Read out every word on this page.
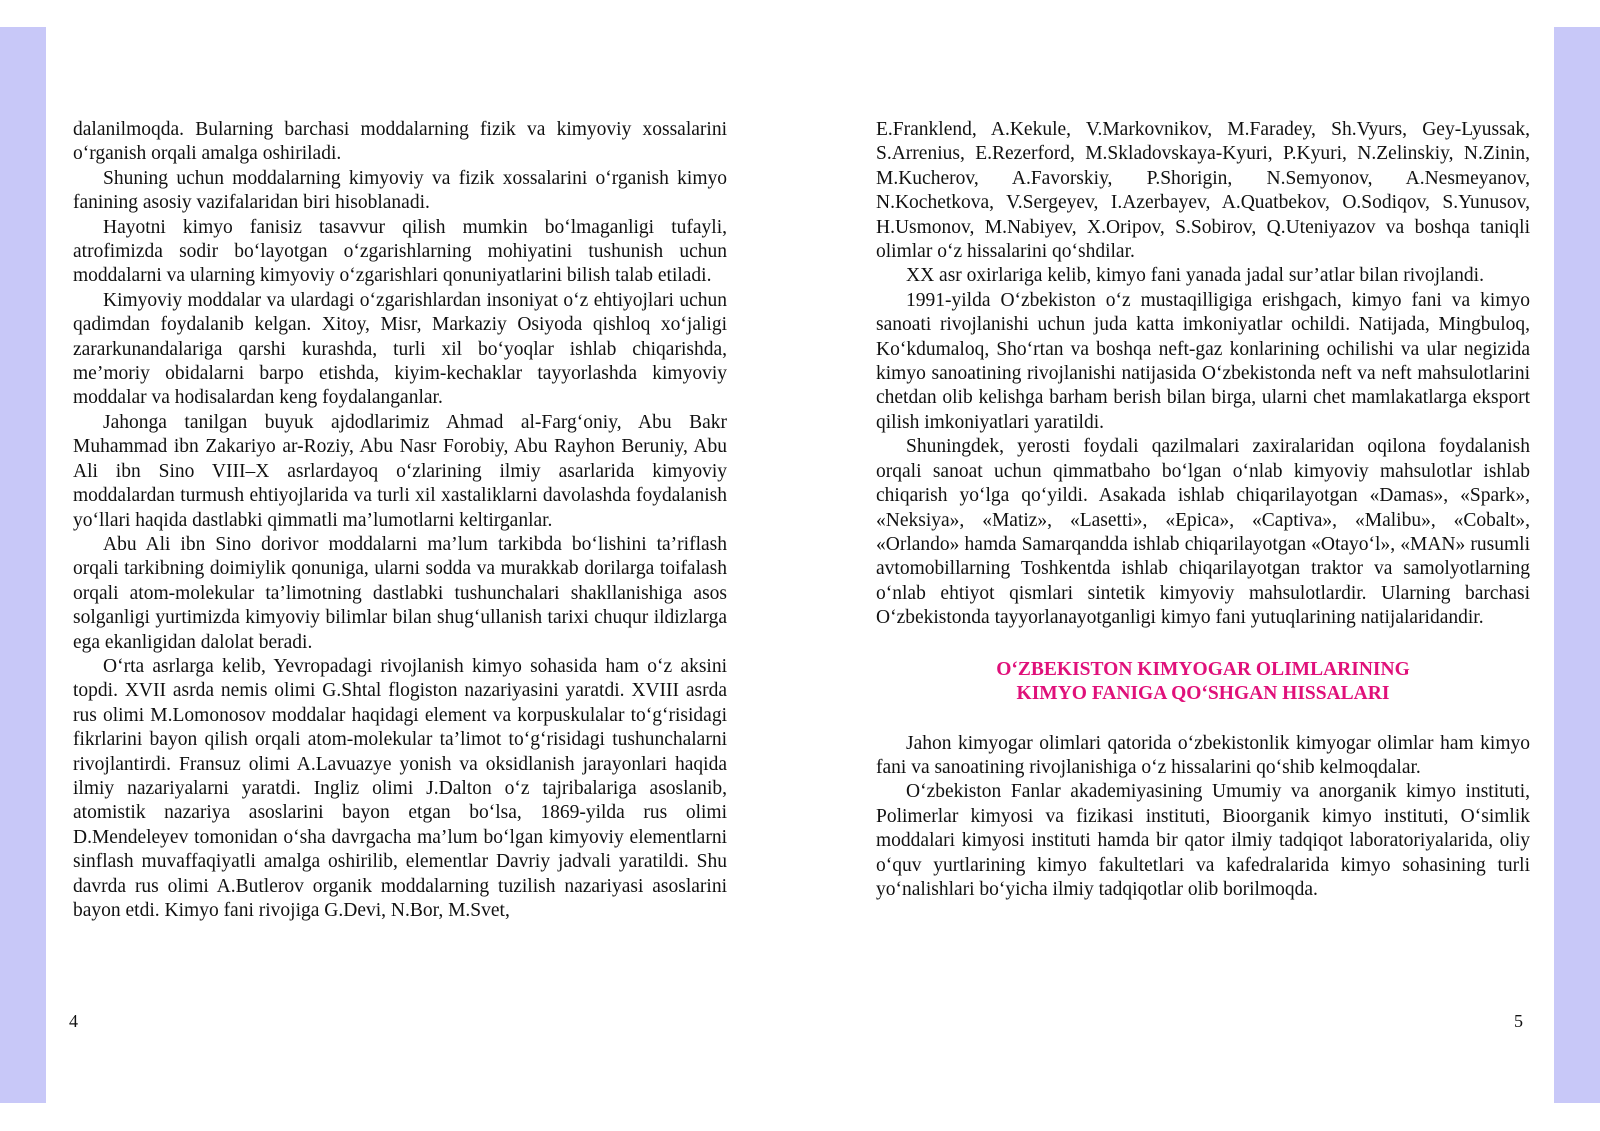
dalanilmoqda. Bularning barchasi moddalarning fizik va kimyoviy xossalarini o‘rganish orqali amalga oshiriladi.

Shuning uchun moddalarning kimyoviy va fizik xossalarini o‘rganish kimyo fanining asosiy vazifalaridan biri hisoblanadi.

Hayotni kimyo fanisiz tasavvur qilish mumkin bo‘lmaganligi tufayli, atrofimizda sodir bo‘layotgan o‘zgarishlarning mohiyatini tushunish uchun moddalarni va ularning kimyoviy o‘zgarishlari qonuniyatlarini bilish talab etiladi.

Kimyoviy moddalar va ulardagi o‘zgarishlardan insoniyat o‘z ehtiyojlari uchun qadimdan foydalanib kelgan. Xitoy, Misr, Markaziy Osiyoda qishloq xo‘jaligi zararkunandalariga qarshi kurashda, turli xil bo‘yoqlar ishlab chiqarishda, me’moriy obidalarni barpo etishda, kiyim-kechaklar tayyorlashda kimyoviy moddalar va hodisalardan keng foydalanganlar.

Jahonga tanilgan buyuk ajdodlarimiz Ahmad al-Farg‘oniy, Abu Bakr Muhammad ibn Zakariyo ar-Roziy, Abu Nasr Forobiy, Abu Rayhon Beruniy, Abu Ali ibn Sino VIII–X asrlardayoq o‘zlarining ilmiy asarlarida kimyoviy moddalardan turmush ehtiyojlarida va turli xil xastaliklarni davolashda foydalanish yo‘llari haqida dastlabki qimmatli ma’lumotlarni keltirganlar.

Abu Ali ibn Sino dorivor moddalarni ma’lum tarkibda bo‘lishini ta’riflash orqali tarkibning doimiylik qonuniga, ularni sodda va murakkab dorilarga toifalash orqali atom-molekular ta’limotning dastlabki tushunchalari shakllanishiga asos solganligi yurtimizda kimyoviy bilimlar bilan shug‘ullanish tarixi chuqur ildizlarga ega ekanligidan dalolat beradi.

O‘rta asrlarga kelib, Yevropadagi rivojlanish kimyo sohasida ham o‘z aksini topdi. XVII asrda nemis olimi G.Shtal flogiston nazariyasini yaratdi. XVIII asrda rus olimi M.Lomonosov moddalar haqidagi element va korpuskulalar to‘g‘risidagi fikrlarini bayon qilish orqali atom-molekular ta’limot to‘g‘risidagi tushunchalarni rivojlantirdi. Fransuz olimi A.Lavuazye yonish va oksidlanish jarayonlari haqida ilmiy nazariyalarni yaratdi. Ingliz olimi J.Dalton o‘z tajribalariga asoslanib, atomistik nazariya asoslarini bayon etgan bo‘lsa, 1869-yilda rus olimi D.Mendeleyev tomonidan o‘sha davrgacha ma’lum bo‘lgan kimyoviy elementlarni sinflash muvaffaqiyatli amalga oshirilib, elementlar Davriy jadvali yaratildi. Shu davrda rus olimi A.Butlerov organik moddalarning tuzilish nazariyasi asoslarini bayon etdi. Kimyo fani rivojiga G.Devi, N.Bor, M.Svet,

E.Franklend, A.Kekule, V.Markovnikov, M.Faradey, Sh.Vyurs, Gey-Lyussak, S.Arrenius, E.Rezerford, M.Skladovskaya-Kyuri, P.Kyuri, N.Zelinskiy, N.Zinin, M.Kucherov, A.Favorskiy, P.Shorigin, N.Semyonov, A.Nesmeyanov, N.Kochetkova, V.Sergeyev, I.Azerbayev, A.Quatbekov, O.Sodiqov, S.Yunusov, H.Usmonov, M.Nabiyev, X.Oripov, S.Sobirov, Q.Uteniyazov va boshqa taniqli olimlar o‘z hissalarini qo‘shdilar.

XX asr oxirlariga kelib, kimyo fani yanada jadal sur’atlar bilan rivojlandi.

1991-yilda O‘zbekiston o‘z mustaqilligiga erishgach, kimyo fani va kimyo sanoati rivojlanishi uchun juda katta imkoniyatlar ochildi. Natijada, Mingbuloq, Ko‘kdumaloq, Sho‘rtan va boshqa neft-gaz konlarining ochilishi va ular negizida kimyo sanoatining rivojlanishi natijasida O‘zbekistonda neft va neft mahsulotlarini chetdan olib kelishga barham berish bilan birga, ularni chet mamlakatlarga eksport qilish imkoniyatlari yaratildi.

Shuningdek, yerosti foydali qazilmalari zaxiralaridan oqilona foydalanish orqali sanoat uchun qimmatbaho bo‘lgan o‘nlab kimyoviy mahsulotlar ishlab chiqarish yo‘lga qo‘yildi. Asakada ishlab chiqarilayotgan «Damas», «Spark», «Neksiya», «Matiz», «Lasetti», «Epica», «Captiva», «Malibu», «Cobalt», «Orlando» hamda Samarqandda ishlab chiqarilayotgan «Otayo‘l», «MAN» rusumli avtomobillarning Toshkentda ishlab chiqarilayotgan traktor va samolyotlarning o‘nlab ehtiyot qismlari sintetik kimyoviy mahsulotlardir. Ularning barchasi O‘zbekistonda tayyorlanayotganligi kimyo fani yutuqlarining natijalaridandir.

O‘ZBEKISTON KIMYOGAR OLIMLARINING
KIMYO FANIGA QO‘SHGAN HISSALARI

Jahon kimyogar olimlari qatorida o‘zbekistonlik kimyogar olimlar ham kimyo fani va sanoatining rivojlanishiga o‘z hissalarini qo‘shib kelmoqdalar.

O‘zbekiston Fanlar akademiyasining Umumiy va anorganik kimyo instituti, Polimerlar kimyosi va fizikasi instituti, Bioorganik kimyo instituti, O‘simlik moddalari kimyosi instituti hamda bir qator ilmiy tadqiqot laboratoriyalarida, oliy o‘quv yurtlarining kimyo fakultetlari va kafedralarida kimyo sohasining turli yo‘nalishlari bo‘yicha ilmiy tadqiqotlar olib borilmoqda.

4	5
